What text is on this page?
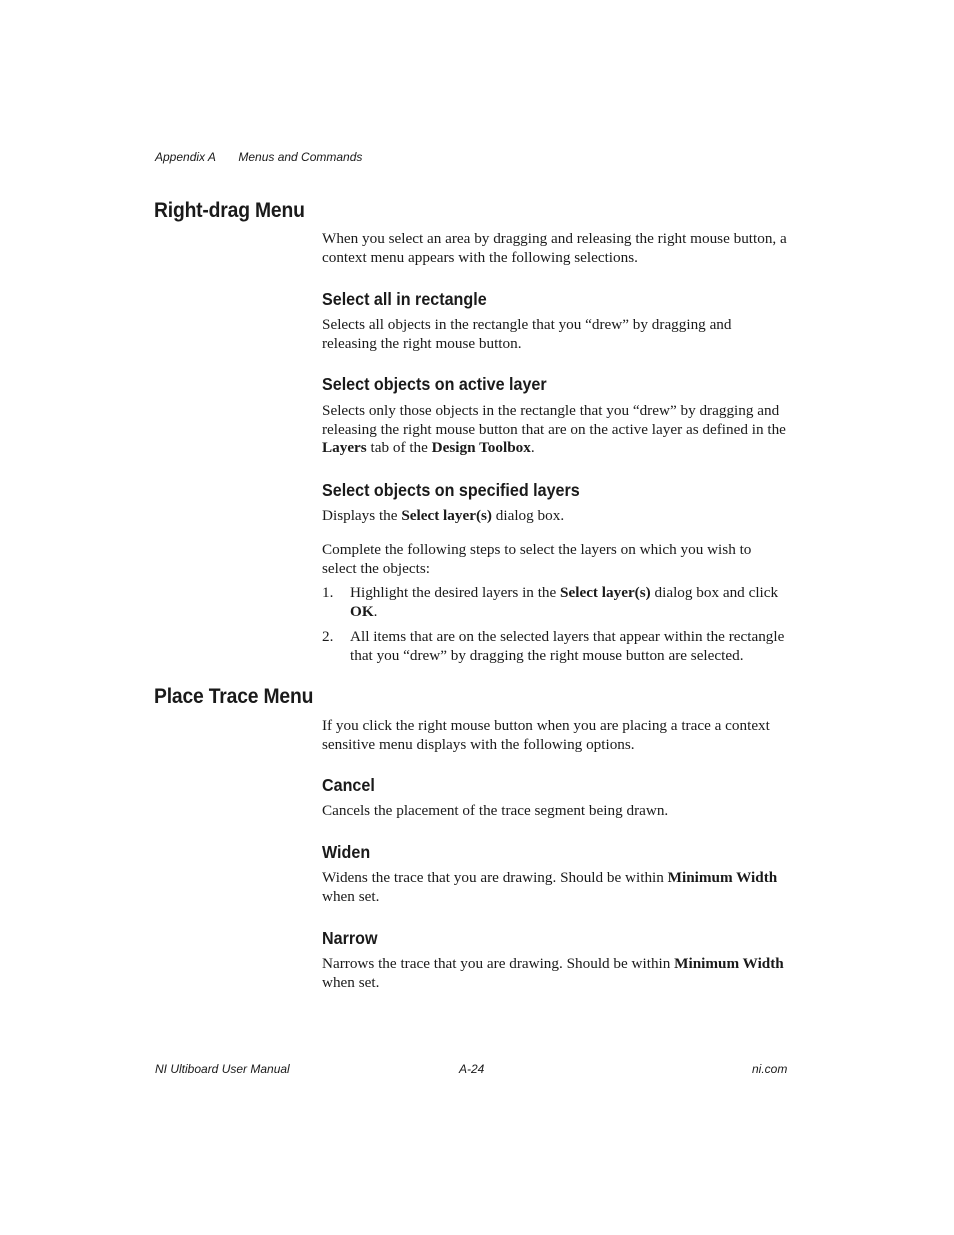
Appendix A Menus and Commands
Right-drag Menu

When you select an area by dragging and releasing the right mouse button, a context menu appears with the following selections.

Select all in rectangle

Selects all objects in the rectangle that you “drew” by dragging and releasing the right mouse button.

Select objects on active layer

Selects only those objects in the rectangle that you “drew” by dragging and releasing the right mouse button that are on the active layer as defined in the Layers tab of the Design Toolbox.

Select objects on specified layers

Displays the Select layer(s) dialog box.

Complete the following steps to select the layers on which you wish to select the objects:

1. Highlight the desired layers in the Select layer(s) dialog box and click OK.
2. All items that are on the selected layers that appear within the rectangle that you “drew” by dragging the right mouse button are selected.
Place Trace Menu

If you click the right mouse button when you are placing a trace a context sensitive menu displays with the following options.

Cancel

Cancels the placement of the trace segment being drawn.

Widen

Widens the trace that you are drawing. Should be within Minimum Width when set.

Narrow

Narrows the trace that you are drawing. Should be within Minimum Width when set.

NI Ultiboard User Manual	A-24	ni.com
